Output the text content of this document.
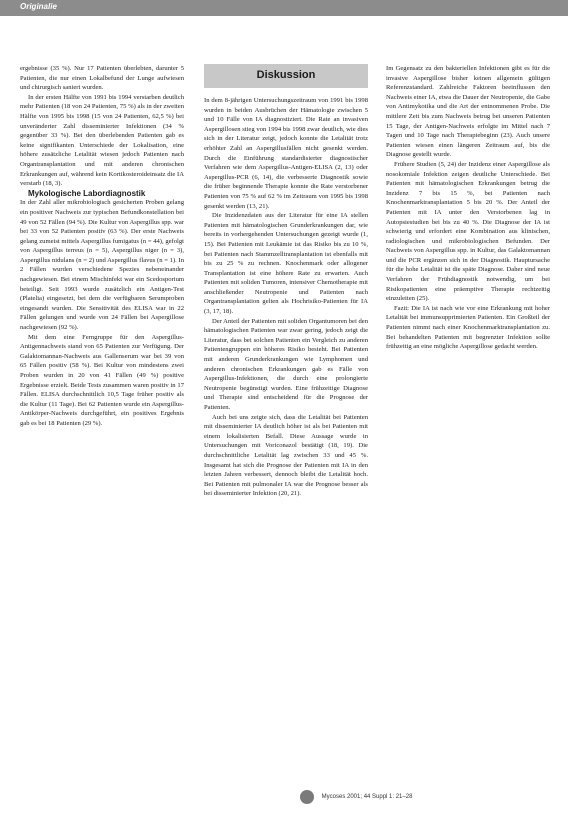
Originalie

ergebnisse (35 %). Nur 17 Patienten überlebten, darunter 5 Patienten, die nur einen Lokalbefund der Lunge aufwiesen und chirurgisch saniert wurden.

In der ersten Hälfte von 1991 bis 1994 verstarben deutlich mehr Patienten (18 von 24 Patienten, 75 %) als in der zweiten Hälfte von 1995 bis 1998 (15 von 24 Patienten, 62,5 %) bei unveränderter Zahl disseminierter Infektionen (34 % gegenüber 33 %). Bei den überlebenden Patienten gab es keine signifikanten Unterschiede der Lokalisation, eine höhere zusätzliche Letalität wiesen jedoch Patienten nach Organtransplantation und mit anderen chronischen Erkrankungen auf, während kein Kortikosteroideinsatz die IA verstarb (18, 3).

Mykologische Labordiagnostik

In der Zahl aller mikrobiologisch gesicherten Proben gelang ein positiver Nachweis zur typischen Befundkonstellation bei 49 von 52 Fällen (94 %). Die Kultur von Aspergillus spp. war bei 33 von 52 Patienten positiv (63 %). Der erste Nachweis gelang zumeist mittels Aspergillus fumigatus (n = 44), gefolgt von Aspergillus terreus (n = 5), Aspergillus niger (n = 3), Aspergillus nidulans (n = 2) und Aspergillus flavus (n = 1). In 2 Fällen wurden verschiedene Spezies nebeneinander nachgewiesen. Bei einem Mischinfekt war ein Scedosporium beteiligt. Seit 1993 wurde zusätzlich ein Antigen-Test (Platelia) eingesetzt, bei dem die verfügbaren Serumproben eingesandt wurden. Die Sensitivität des ELISA war in 22 Fällen gelungen und wurde von 24 Fällen bei Aspergillose nachgewiesen (92 %).

Mit dem eine Ferngruppe für den Aspergillus-Antigennachweis stand von 65 Patienten zur Verfügung. Der Galaktomannan-Nachweis aus Gallenserum war bei 39 von 65 Fällen positiv (58 %). Bei Kultur von mindestens zwei Proben wurden in 20 von 41 Fällen (49 %) positive Ergebnisse erzielt. Beide Tests zusammen waren positiv in 17 Fällen. ELISA durchschnittlich 10,5 Tage früher positiv als die Kultur (11 Tage). Bei 62 Patienten wurde ein Aspergillus-Antikörper-Nachweis durchgeführt, ein positives Ergebnis gab es bei 18 Patienten (29 %).

Diskussion

In dem 8-jährigen Untersuchungszeitraum von 1991 bis 1998 wurden in beiden Ausbrüchen der Hämatologie zwischen 5 und 10 Fälle von IA diagnostiziert. Die Rate an invasiven Aspergillosen stieg von 1994 bis 1998 zwar deutlich, wie dies sich in der Literatur zeigt, jedoch konnte die Letalität trotz erhöhter Zahl an Aspergillusfällen nicht gesenkt werden. Durch die Einführung standardisierter diagnostischer Verfahren wie dem Aspergillus-Antigen-ELISA (2, 13) oder Aspergillus-PCR (6, 14), die verbesserte Diagnostik sowie die früher beginnende Therapie konnte die Rate verstorbener Patienten von 75 % auf 62 % im Zeitraum von 1995 bis 1998 gesenkt werden (13, 21).

Die Inzidenzdaten aus der Literatur für eine IA stellen Patienten mit hämatologischen Grunderkrankungen dar, wie bereits in vorhergehenden Untersuchungen gezeigt wurde (1, 15). Bei Patienten mit Leukämie ist das Risiko bis zu 10 %, bei Patienten nach Stammzelltransplantation ist ebenfalls mit bis zu 25 % zu rechnen. Knochenmark oder allogener Transplantation ist eine höhere Rate zu erwarten. Auch Patienten mit soliden Tumoren, intensiver Chemotherapie mit anschließender Neutropenie und Patienten nach Organtransplantation gelten als Hochrisiko-Patienten für IA (3, 17, 18).

Der Anteil der Patienten mit soliden Organtumoren bei den hämatologischen Patienten war zwar gering, jedoch zeigt die Literatur, dass bei solchen Patienten ein Vergleich zu anderen Patientengruppen ein höheres Risiko besteht. Bei Patienten mit anderen Grunderkrankungen wie Lymphomen und anderen chronischen Erkrankungen gab es Fälle von Aspergillus-Infektionen, die durch eine prolongierte Neutropenie begünstigt wurden. Eine frühzeitige Diagnose und Therapie sind entscheidend für die Prognose der Patienten.

Auch bei uns zeigte sich, dass die Letalität bei Patienten mit disseminierter IA deutlich höher ist als bei Patienten mit einem lokalisierten Befall. Diese Aussage wurde in Untersuchungen mit Voriconazol bestätigt (18, 19). Die durchschnittliche Letalität lag zwischen 33 und 45 %. Insgesamt hat sich die Prognose der Patienten mit IA in den letzten Jahren verbessert, dennoch bleibt die Letalität hoch. Bei Patienten mit pulmonaler IA war die Prognose besser als bei disseminierter Infektion (20, 21).

Im Gegensatz zu den bakteriellen Infektionen gibt es für die invasive Aspergillose bisher keinen allgemein gültigen Referenzstandard. Zahlreiche Faktoren beeinflussen den Nachweis einer IA, etwa die Dauer der Neutropenie, die Gabe von Antimykotika und die Art der entnommenen Probe. Die mittlere Zeit bis zum Nachweis betrug bei unseren Patienten 15 Tage, der Antigen-Nachweis erfolgte im Mittel nach 7 Tagen und 10 Tage nach Therapiebeginn (23). Auch unsere Patienten wiesen einen längeren Zeitraum auf, bis die Diagnose gestellt wurde.

Frühere Studien (5, 24) der Inzidenz einer Aspergillose als nosokomiale Infektion zeigen deutliche Unterschiede. Bei Patienten mit hämatologischen Erkrankungen betrug die Inzidenz 7 bis 15 %, bei Patienten nach Knochenmarktransplantation 5 bis 20 %. Der Anteil der Patienten mit IA unter den Verstorbenen lag in Autopsiestudien bei bis zu 40 %. Die Diagnose der IA ist schwierig und erfordert eine Kombination aus klinischen, radiologischen und mikrobiologischen Befunden. Der Nachweis von Aspergillus spp. in Kultur, das Galaktomannan und die PCR ergänzen sich in der Diagnostik. Hauptursache für die hohe Letalität ist die späte Diagnose. Daher sind neue Verfahren der Frühdiagnostik notwendig, um bei Risikopatienten eine präemptive Therapie rechtzeitig einzuleiten (25).

Fazit: Die IA ist nach wie vor eine Erkrankung mit hoher Letalität bei immunsupprimierten Patienten. Ein Großteil der Patienten nimmt nach einer Knochenmarktransplantation zu. Bei behandelten Patienten mit begrenzter Infektion sollte frühzeitig an eine mögliche Aspergillose gedacht werden.

Mycoses 2001; 44 Suppl 1: 21–28
